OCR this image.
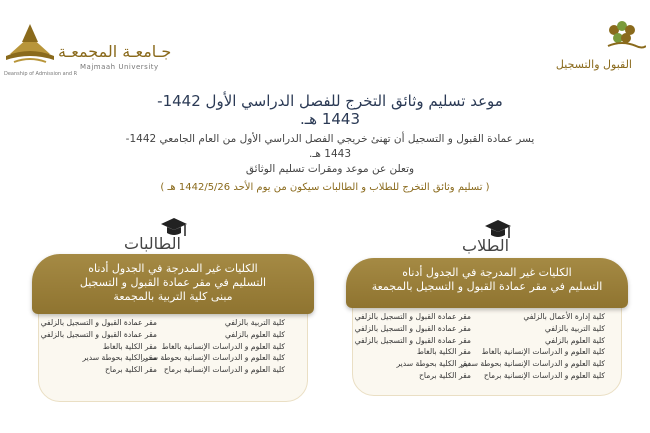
القبول والتسجيل
جـامعـة المجمعـة
Majmaah University
Deanship of Admission and R
موعد تسليم وثائق التخرج للفصل الدراسي الأول 1442-1443 هـ.
يسر عمادة القبول و التسجيل أن تهنئ خريجي الفصل الدراسي الأول من العام الجامعي 1442-1443 هـ.
وتعلن عن موعد ومقرات تسليم الوثائق
( تسليم وثائق التخرج للطلاب و الطالبات سيكون من يوم الأحد 1442/5/26 هـ )
الطلاب
كلية إدارة الأعمال بالزلفي
كلية التربية بالزلفي
كلية العلوم بالزلفي
كلية العلوم و الدراسات الإنسانية بالغاط
كلية العلوم و الدراسات الإنسانية بحوطة سدير
كلية العلوم و الدراسات الإنسانية برماح
مقر عمادة القبول و التسجيل بالزلفي
مقر عمادة القبول و التسجيل بالزلفي
مقر عمادة القبول و التسجيل بالزلفي
مقر الكلية بالغاط
مقر الكلية بحوطة سدير
مقر الكلية برماح
الكليات غير المدرجة في الجدول أدناه
التسليم في مقر عمادة القبول و التسجيل بالمجمعة
الطالبات
كلية التربية بالزلفي
كلية العلوم بالزلفي
كلية العلوم و الدراسات الإنسانية بالغاط
كلية العلوم و الدراسات الإنسانية بحوطة سدير
كلية العلوم و الدراسات الإنسانية برماح
مقر عمادة القبول و التسجيل بالزلفي
مقر عمادة القبول و التسجيل بالزلفي
مقر الكلية بالغاط
مقر الكلية بحوطة سدير
مقر الكلية برماح
الكليات غير المدرجة في الجدول أدناه
التسليم في مقر عمادة القبول و التسجيل
مبنى كلية التربية بالمجمعة
